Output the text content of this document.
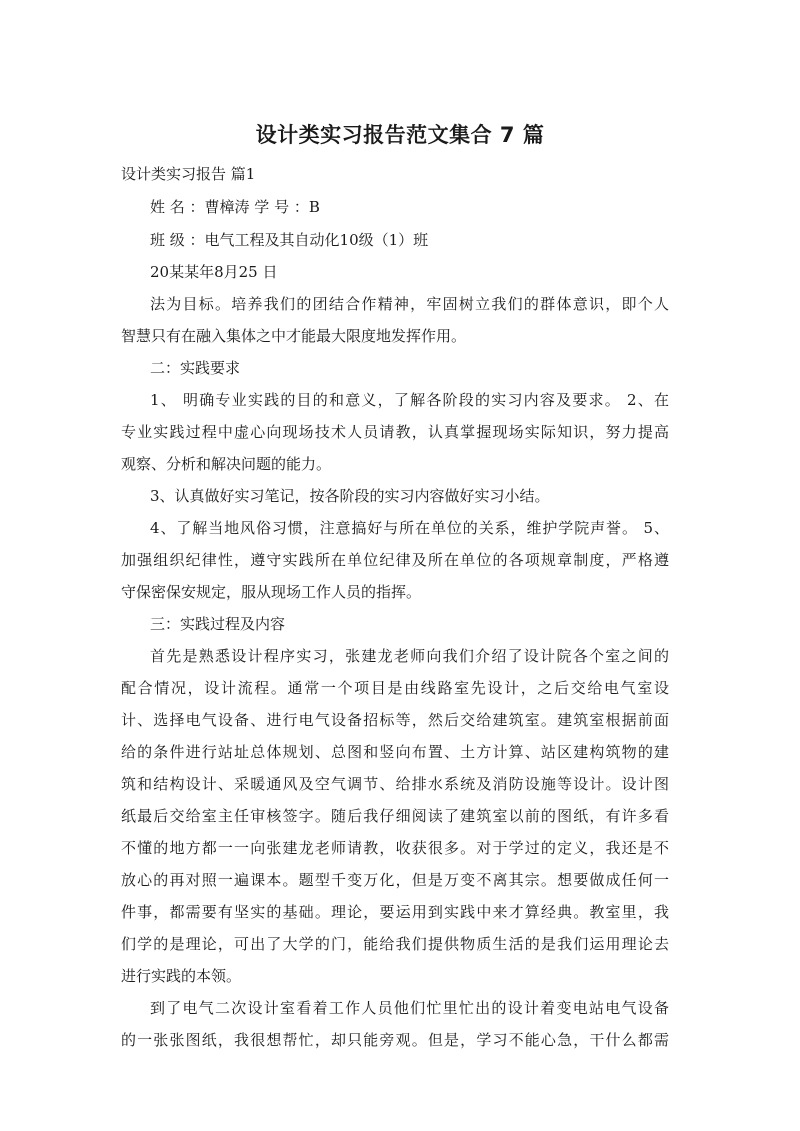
设计类实习报告范文集合 7 篇
设计类实习报告 篇1
姓 名 ：曹樟涛 学 号 ：B
班 级 ：电气工程及其自动化10级（1）班
20某某年8月25 日
法为目标。培养我们的团结合作精神，牢固树立我们的群体意识，即个人
智慧只有在融入集体之中才能最大限度地发挥作用。
二：实践要求
1、 明确专业实践的目的和意义，了解各阶段的实习内容及要求。 2、在
专业实践过程中虚心向现场技术人员请教，认真掌握现场实际知识，努力提高
观察、分析和解决问题的能力。
3、认真做好实习笔记，按各阶段的实习内容做好实习小结。
4、了解当地风俗习惯，注意搞好与所在单位的关系，维护学院声誉。 5、
加强组织纪律性，遵守实践所在单位纪律及所在单位的各项规章制度，严格遵
守保密保安规定，服从现场工作人员的指挥。
三：实践过程及内容
首先是熟悉设计程序实习，张建龙老师向我们介绍了设计院各个室之间的
配合情况，设计流程。通常一个项目是由线路室先设计，之后交给电气室设
计、选择电气设备、进行电气设备招标等，然后交给建筑室。建筑室根据前面
给的条件进行站址总体规划、总图和竖向布置、土方计算、站区建构筑物的建
筑和结构设计、采暖通风及空气调节、给排水系统及消防设施等设计。设计图
纸最后交给室主任审核签字。随后我仔细阅读了建筑室以前的图纸，有许多看
不懂的地方都一一向张建龙老师请教，收获很多。对于学过的定义，我还是不
放心的再对照一遍课本。题型千变万化，但是万变不离其宗。想要做成任何一
件事，都需要有坚实的基础。理论，要运用到实践中来才算经典。教室里，我
们学的是理论，可出了大学的门，能给我们提供物质生活的是我们运用理论去
进行实践的本领。
到了电气二次设计室看着工作人员他们忙里忙出的设计着变电站电气设备
的一张张图纸，我很想帮忙，却只能旁观。但是，学习不能心急，干什么都需
